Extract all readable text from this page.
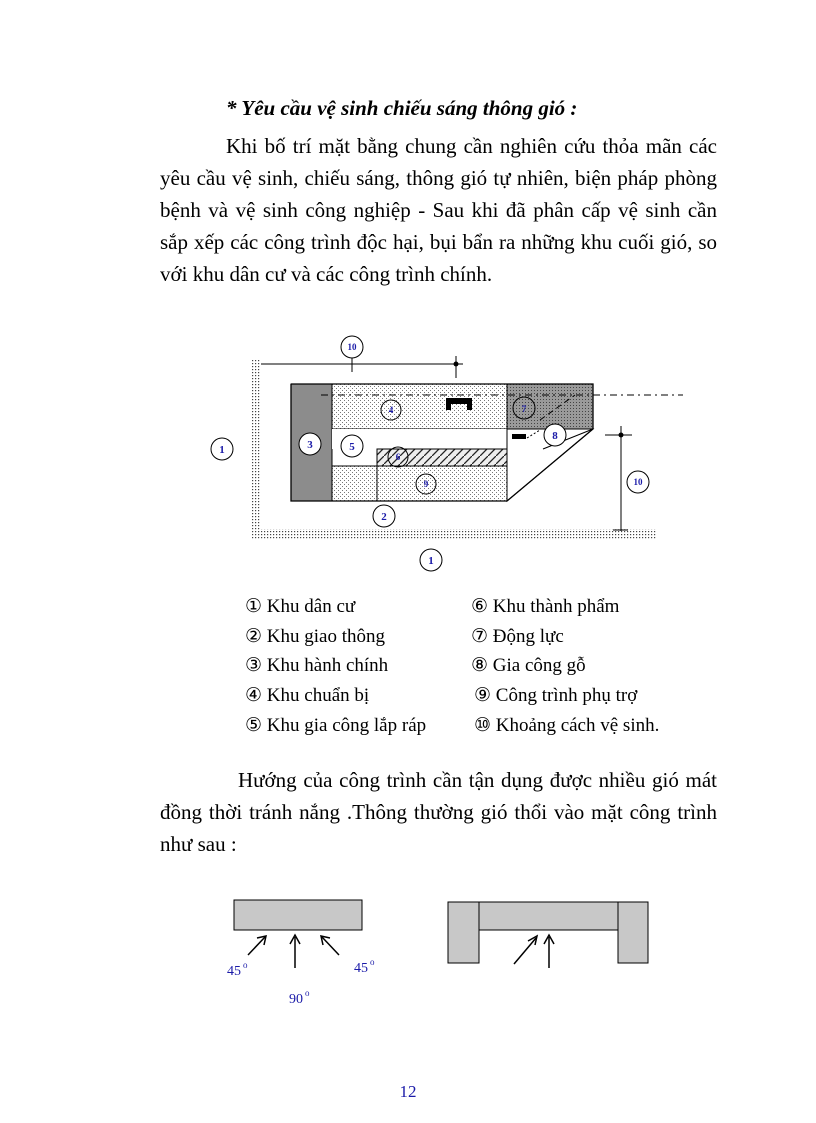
* Yêu cầu vệ sinh chiếu sáng thông gió :
Khi bố trí mặt bằng chung cần nghiên cứu thỏa mãn các yêu cầu vệ sinh, chiếu sáng, thông gió tự nhiên, biện pháp phòng bệnh và vệ sinh công nghiệp - Sau khi đã phân cấp vệ sinh cần sắp xếp các công trình độc hại, bụi bẩn ra những khu cuối gió, so với khu dân cư và các công trình chính.
1	3	5
4
6
9
7
8
2
10
10
1
45 o	45 o
90 o
① Khu dân cư
② Khu giao thông
③ Khu hành chính
④ Khu chuẩn bị
⑤ Khu gia công lắp ráp
⑥ Khu thành phẩm
⑦ Động lực
⑧ Gia công gỗ
⑨ Công trình phụ trợ
⑩ Khoảng cách vệ sinh.
Hướng của công trình cần tận dụng được nhiều gió mát đồng thời tránh nắng .Thông thường gió thổi vào mặt công trình như sau :
12
